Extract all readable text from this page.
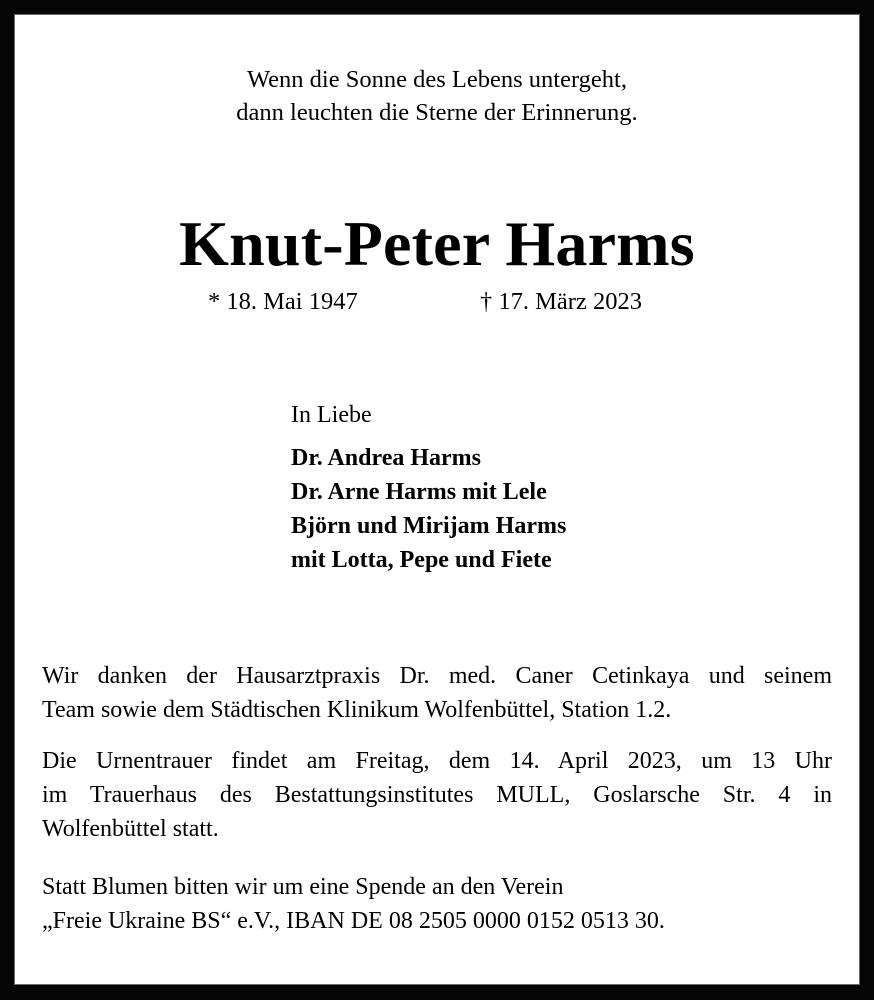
Wenn die Sonne des Lebens untergeht,
dann leuchten die Sterne der Erinnerung.
Knut-Peter Harms
* 18. Mai 1947	† 17. März 2023
In Liebe
Dr. Andrea Harms
Dr. Arne Harms mit Lele
Björn und Mirijam Harms
mit Lotta, Pepe und Fiete
Wir danken der Hausarztpraxis Dr. med. Caner Cetinkaya und seinem
Team sowie dem Städtischen Klinikum Wolfenbüttel, Station 1.2.
Die Urnentrauer findet am Freitag, dem 14. April 2023, um 13 Uhr
im Trauerhaus des Bestattungsinstitutes MULL, Goslarsche Str. 4 in
Wolfenbüttel statt.
Statt Blumen bitten wir um eine Spende an den Verein
„Freie Ukraine BS“ e.V., IBAN DE 08 2505 0000 0152 0513 30.
